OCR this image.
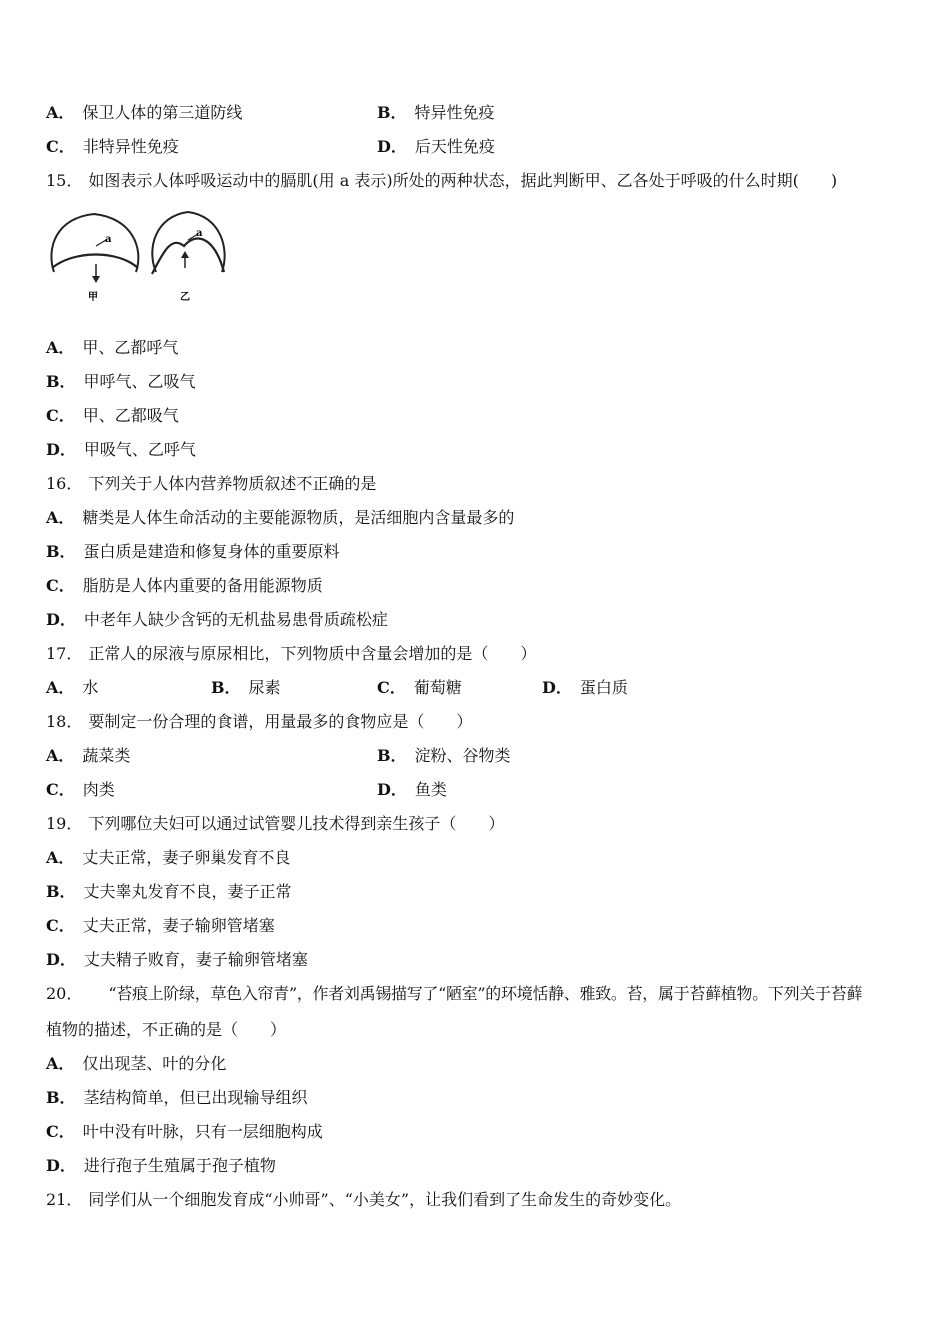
A． 保卫人体的第三道防线	B． 特异性免疫
C． 非特异性免疫	D． 后天性免疫
15． 如图表示人体呼吸运动中的膈肌(用 a 表示)所处的两种状态，据此判断甲、乙各处于呼吸的什么时期(　　)
a
甲
a
乙
A． 甲、乙都呼气
B． 甲呼气、乙吸气
C． 甲、乙都吸气
D． 甲吸气、乙呼气
16． 下列关于人体内营养物质叙述不正确的是
A． 糖类是人体生命活动的主要能源物质，是活细胞内含量最多的
B． 蛋白质是建造和修复身体的重要原料
C． 脂肪是人体内重要的备用能源物质
D． 中老年人缺少含钙的无机盐易患骨质疏松症
17． 正常人的尿液与原尿相比，下列物质中含量会增加的是（　　）
A． 水	B． 尿素	C． 葡萄糖	D． 蛋白质
18． 要制定一份合理的食谱，用量最多的食物应是（　　）
A． 蔬菜类	B． 淀粉、谷物类
C． 肉类	D． 鱼类
19． 下列哪位夫妇可以通过试管婴儿技术得到亲生孩子（　　）
A． 丈夫正常，妻子卵巢发育不良
B． 丈夫睾丸发育不良，妻子正常
C． 丈夫正常，妻子输卵管堵塞
D． 丈夫精子败育，妻子输卵管堵塞
20． “苔痕上阶绿，草色入帘青”，作者刘禹锡描写了“陋室”的环境恬静、雅致。苔，属于苔藓植物。下列关于苔藓
植物的描述，不正确的是（　　）
A． 仅出现茎、叶的分化
B． 茎结构简单，但已出现输导组织
C． 叶中没有叶脉，只有一层细胞构成
D． 进行孢子生殖属于孢子植物
21． 同学们从一个细胞发育成“小帅哥”、“小美女”，让我们看到了生命发生的奇妙变化。
